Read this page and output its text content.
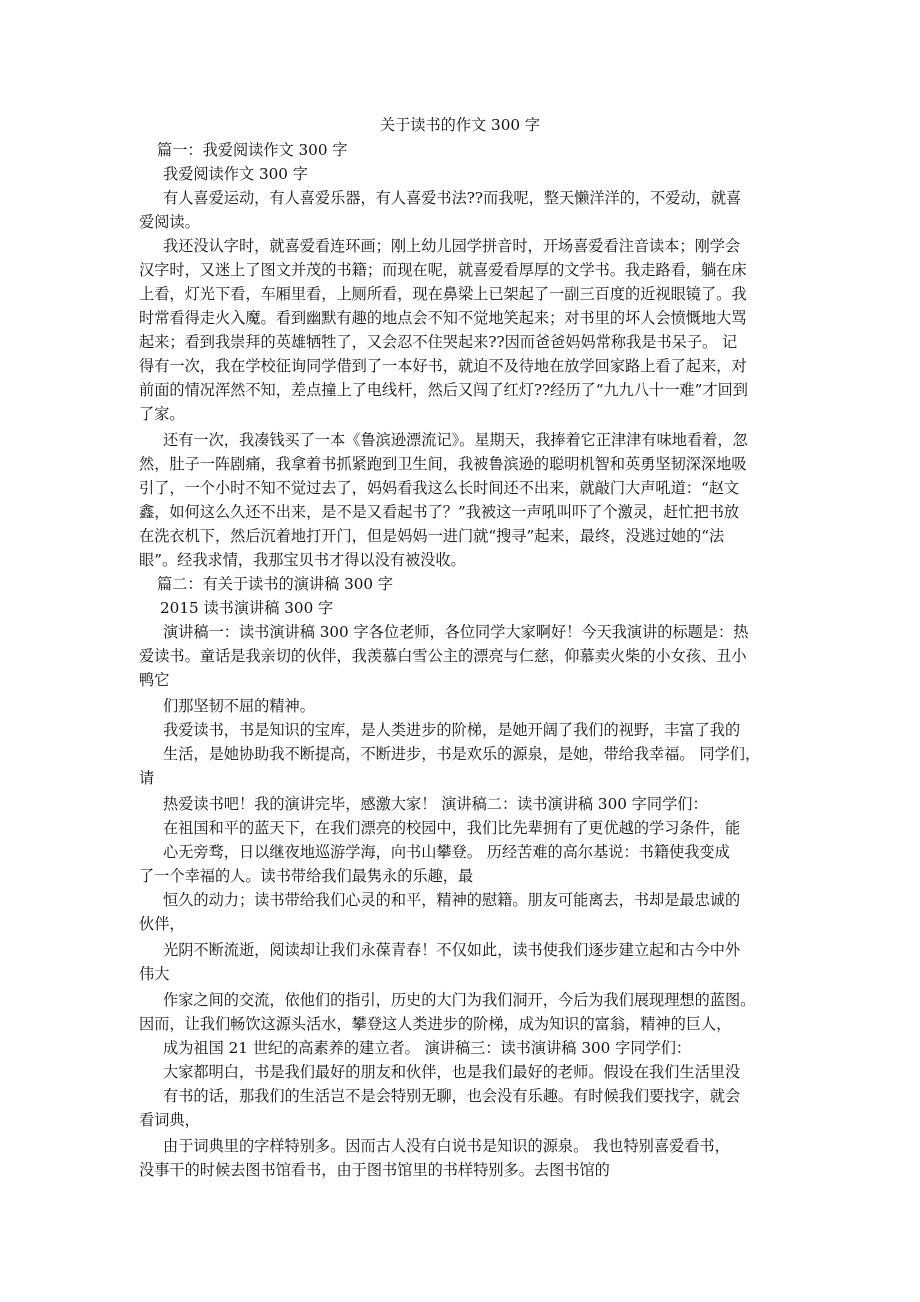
关于读书的作文 300 字
篇一：我爱阅读作文 300 字
我爱阅读作文 300 字
有人喜爱运动，有人喜爱乐器，有人喜爱书法??而我呢，整天懒洋洋的，不爱动，就喜
爱阅读。
我还没认字时，就喜爱看连环画；刚上幼儿园学拼音时，开场喜爱看注音读本；刚学会
汉字时，又迷上了图文并茂的书籍；而现在呢，就喜爱看厚厚的文学书。我走路看，躺在床
上看，灯光下看，车厢里看，上厕所看，现在鼻梁上已架起了一副三百度的近视眼镜了。我
时常看得走火入魔。看到幽默有趣的地点会不知不觉地笑起来；对书里的坏人会愤慨地大骂
起来；看到我崇拜的英雄牺牲了，又会忍不住哭起来??因而爸爸妈妈常称我是书呆子。 记
得有一次，我在学校征询同学借到了一本好书，就迫不及待地在放学回家路上看了起来，对
前面的情况浑然不知，差点撞上了电线杆，然后又闯了红灯??经历了“九九八十一难”才回到
了家。
还有一次，我凑钱买了一本《鲁滨逊漂流记》。星期天，我捧着它正津津有味地看着，忽
然，肚子一阵剧痛，我拿着书抓紧跑到卫生间，我被鲁滨逊的聪明机智和英勇坚韧深深地吸
引了，一个小时不知不觉过去了，妈妈看我这么长时间还不出来，就敲门大声吼道：“赵文
鑫，如何这么久还不出来，是不是又看起书了？”我被这一声吼叫吓了个激灵，赶忙把书放
在洗衣机下，然后沉着地打开门，但是妈妈一进门就“搜寻”起来，最终，没逃过她的“法
眼”。经我求情，我那宝贝书才得以没有被没收。
篇二：有关于读书的演讲稿 300 字
2015 读书演讲稿 300 字
演讲稿一：读书演讲稿 300 字各位老师，各位同学大家啊好！今天我演讲的标题是：热
爱读书。童话是我亲切的伙伴，我羡慕白雪公主的漂亮与仁慈，仰慕卖火柴的小女孩、丑小
鸭它
们那坚韧不屈的精神。
我爱读书，书是知识的宝库，是人类进步的阶梯，是她开阔了我们的视野，丰富了我的
生活，是她协助我不断提高，不断进步，书是欢乐的源泉，是她，带给我幸福。 同学们，
请
热爱读书吧！我的演讲完毕，感激大家！ 演讲稿二：读书演讲稿 300 字同学们：
在祖国和平的蓝天下，在我们漂亮的校园中，我们比先辈拥有了更优越的学习条件，能
心无旁骛，日以继夜地巡游学海，向书山攀登。 历经苦难的高尔基说：书籍使我变成
了一个幸福的人。读书带给我们最隽永的乐趣，最
恒久的动力；读书带给我们心灵的和平，精神的慰籍。朋友可能离去，书却是最忠诚的
伙伴，
光阴不断流逝，阅读却让我们永葆青春！不仅如此，读书使我们逐步建立起和古今中外
伟大
作家之间的交流，依他们的指引，历史的大门为我们洞开，今后为我们展现理想的蓝图。
因而，让我们畅饮这源头活水，攀登这人类进步的阶梯，成为知识的富翁，精神的巨人，
成为祖国 21 世纪的高素养的建立者。 演讲稿三：读书演讲稿 300 字同学们：
大家都明白，书是我们最好的朋友和伙伴，也是我们最好的老师。假设在我们生活里没
有书的话，那我们的生活岂不是会特别无聊，也会没有乐趣。有时候我们要找字，就会
看词典，
由于词典里的字样特别多。因而古人没有白说书是知识的源泉。 我也特别喜爱看书，
没事干的时候去图书馆看书，由于图书馆里的书样特别多。去图书馆的
